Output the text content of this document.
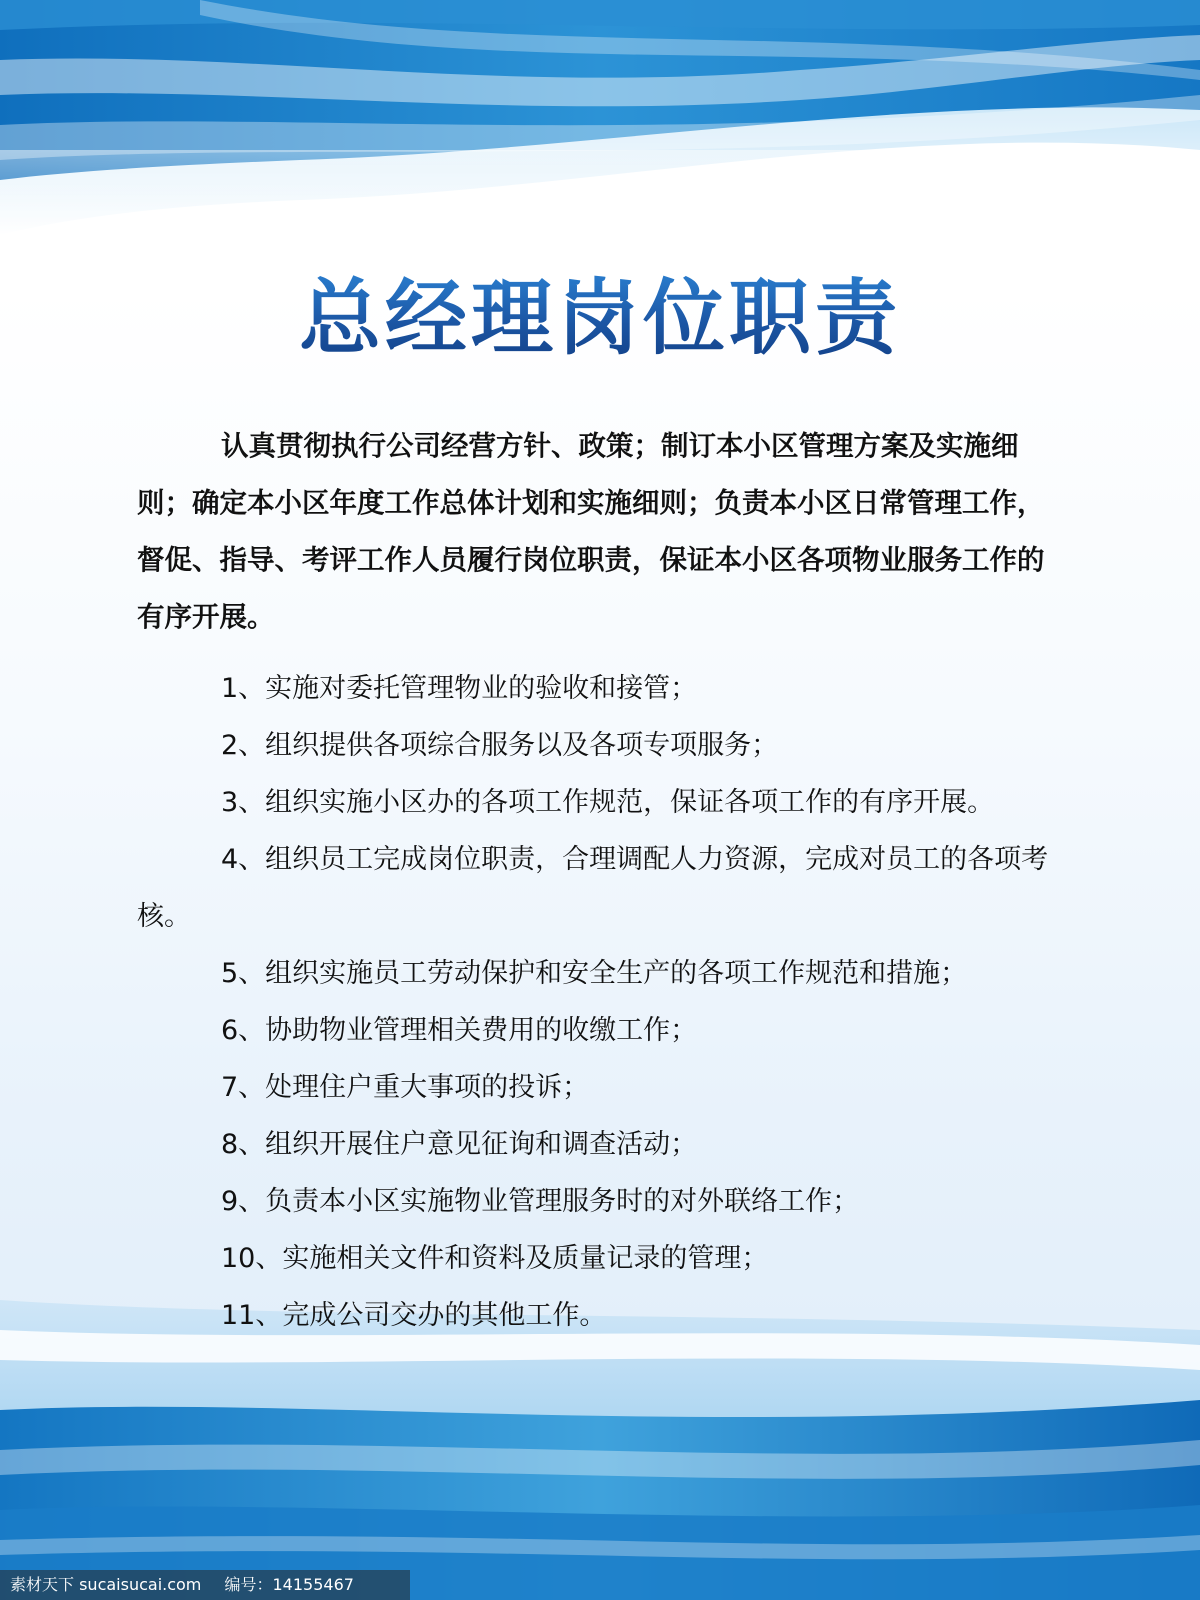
总经理岗位职责

认真贯彻执行公司经营方针、政策；制订本小区管理方案及实施细则；确定本小区年度工作总体计划和实施细则；负责本小区日常管理工作，督促、指导、考评工作人员履行岗位职责，保证本小区各项物业服务工作的有序开展。

1、实施对委托管理物业的验收和接管；

2、组织提供各项综合服务以及各项专项服务；

3、组织实施小区办的各项工作规范，保证各项工作的有序开展。

4、组织员工完成岗位职责，合理调配人力资源，完成对员工的各项考核。

5、组织实施员工劳动保护和安全生产的各项工作规范和措施；

6、协助物业管理相关费用的收缴工作；

7、处理住户重大事项的投诉；

8、组织开展住户意见征询和调查活动；

9、负责本小区实施物业管理服务时的对外联络工作；

10、实施相关文件和资料及质量记录的管理；

11、完成公司交办的其他工作。

素材天下 sucaisucai.com 编号：14155467
